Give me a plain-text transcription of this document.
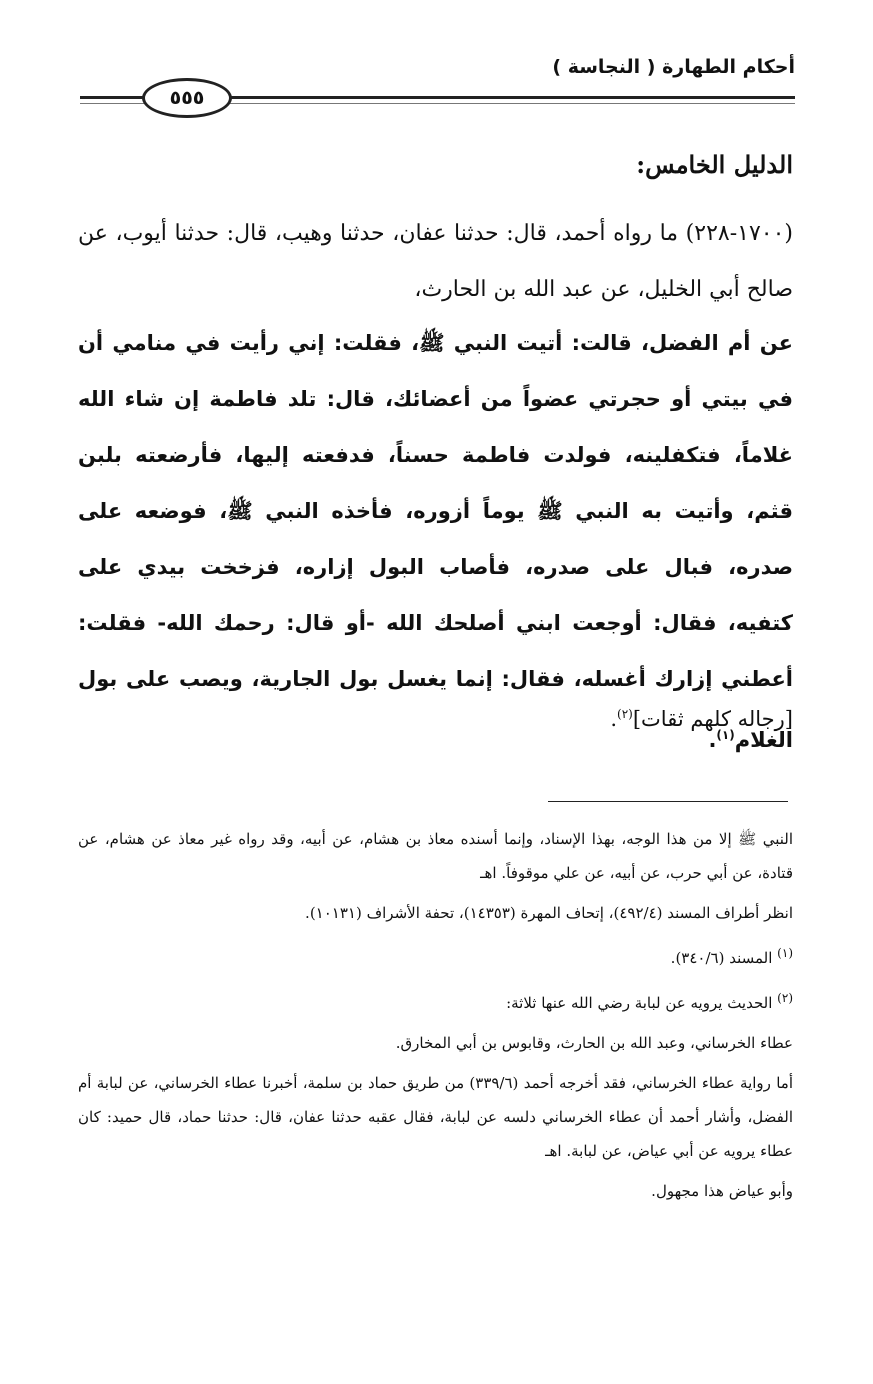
أحكام الطهارة ( النجاسة )
٥٥٥
الدليل الخامس:
(١٧٠٠-٢٢٨) ما رواه أحمد، قال: حدثنا عفان، حدثنا وهيب، قال: حدثنا أيوب، عن صالح أبي الخليل، عن عبد الله بن الحارث،
عن أم الفضل، قالت: أتيت النبي ﷺ، فقلت: إني رأيت في منامي أن في بيتي أو حجرتي عضواً من أعضائك، قال: تلد فاطمة إن شاء الله غلاماً، فتكفلينه، فولدت فاطمة حسناً، فدفعته إليها، فأرضعته بلبن قثم، وأتيت به النبي ﷺ يوماً أزوره، فأخذه النبي ﷺ، فوضعه على صدره، فبال على صدره، فأصاب البول إزاره، فزخخت بيدي على كتفيه، فقال: أوجعت ابني أصلحك الله -أو قال: رحمك الله- فقلت: أعطني إزارك أغسله، فقال: إنما يغسل بول الجارية، ويصب على بول الغلام$^{(١)}$.
[رجاله كلهم ثقات]$^{(٢)}$.

النبي ﷺ إلا من هذا الوجه، بهذا الإسناد، وإنما أسنده معاذ بن هشام، عن أبيه، وقد رواه غير معاذ عن هشام، عن قتادة، عن أبي حرب، عن أبيه، عن علي موقوفاً. اهـ

انظر أطراف المسند (٤٩٢/٤)، إتحاف المهرة (١٤٣٥٣)، تحفة الأشراف (١٠١٣١).

$^{(١)}$ المسند (٣٤٠/٦).

$^{(٢)}$ الحديث يرويه عن لبابة رضي الله عنها ثلاثة:

عطاء الخرساني، وعبد الله بن الحارث، وقابوس بن أبي المخارق.

أما رواية عطاء الخرساني، فقد أخرجه أحمد (٣٣٩/٦) من طريق حماد بن سلمة، أخبرنا عطاء الخرساني، عن لبابة أم الفضل، وأشار أحمد أن عطاء الخرساني دلسه عن لبابة، فقال عقبه حدثنا عفان، قال: حدثنا حماد، قال حميد: كان عطاء يرويه عن أبي عياض، عن لبابة. اهـ

وأبو عياض هذا مجهول.
